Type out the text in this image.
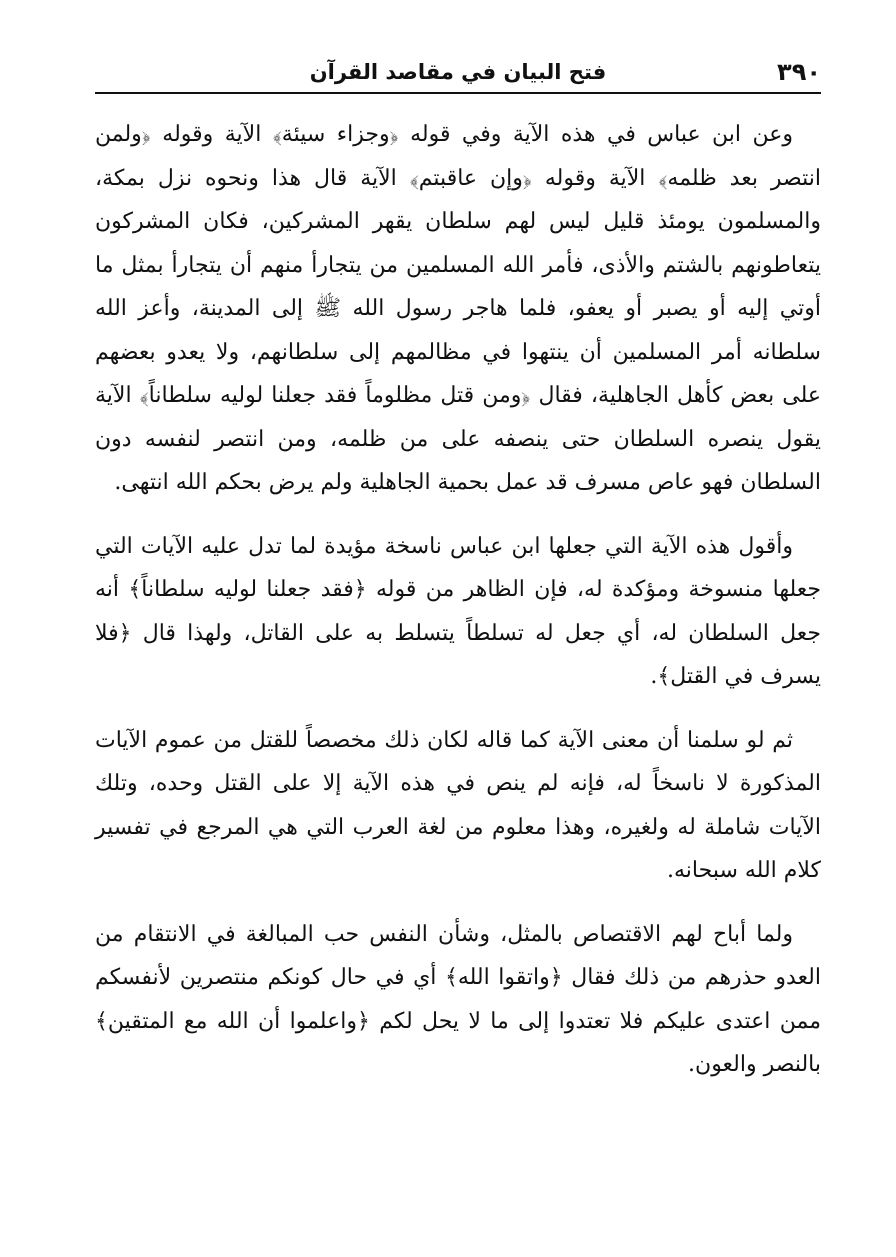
٣٩٠
فتح البيان في مقاصد القرآن

وعن ابن عباس في هذه الآية وفي قوله ﴿وجزاء سيئة﴾ الآية وقوله ﴿ولمن انتصر بعد ظلمه﴾ الآية وقوله ﴿وإن عاقبتم﴾ الآية قال هذا ونحوه نزل بمكة، والمسلمون يومئذ قليل ليس لهم سلطان يقهر المشركين، فكان المشركون يتعاطونهم بالشتم والأذى، فأمر الله المسلمين من يتجارأ منهم أن يتجارأ بمثل ما أوتي إليه أو يصبر أو يعفو، فلما هاجر رسول الله ﷺ إلى المدينة، وأعز الله سلطانه أمر المسلمين أن ينتهوا في مظالمهم إلى سلطانهم، ولا يعدو بعضهم على بعض كأهل الجاهلية، فقال ﴿ومن قتل مظلوماً فقد جعلنا لوليه سلطاناً﴾ الآية يقول ينصره السلطان حتى ينصفه على من ظلمه، ومن انتصر لنفسه دون السلطان فهو عاص مسرف قد عمل بحمية الجاهلية ولم يرض بحكم الله انتهى.

وأقول هذه الآية التي جعلها ابن عباس ناسخة مؤيدة لما تدل عليه الآيات التي جعلها منسوخة ومؤكدة له، فإن الظاهر من قوله ﴿فقد جعلنا لوليه سلطاناً﴾ أنه جعل السلطان له، أي جعل له تسلطاً يتسلط به على القاتل، ولهذا قال ﴿فلا يسرف في القتل﴾.

ثم لو سلمنا أن معنى الآية كما قاله لكان ذلك مخصصاً للقتل من عموم الآيات المذكورة لا ناسخاً له، فإنه لم ينص في هذه الآية إلا على القتل وحده، وتلك الآيات شاملة له ولغيره، وهذا معلوم من لغة العرب التي هي المرجع في تفسير كلام الله سبحانه.

ولما أباح لهم الاقتصاص بالمثل، وشأن النفس حب المبالغة في الانتقام من العدو حذرهم من ذلك فقال ﴿واتقوا الله﴾ أي في حال كونكم منتصرين لأنفسكم ممن اعتدى عليكم فلا تعتدوا إلى ما لا يحل لكم ﴿واعلموا أن الله مع المتقين﴾ بالنصر والعون.
